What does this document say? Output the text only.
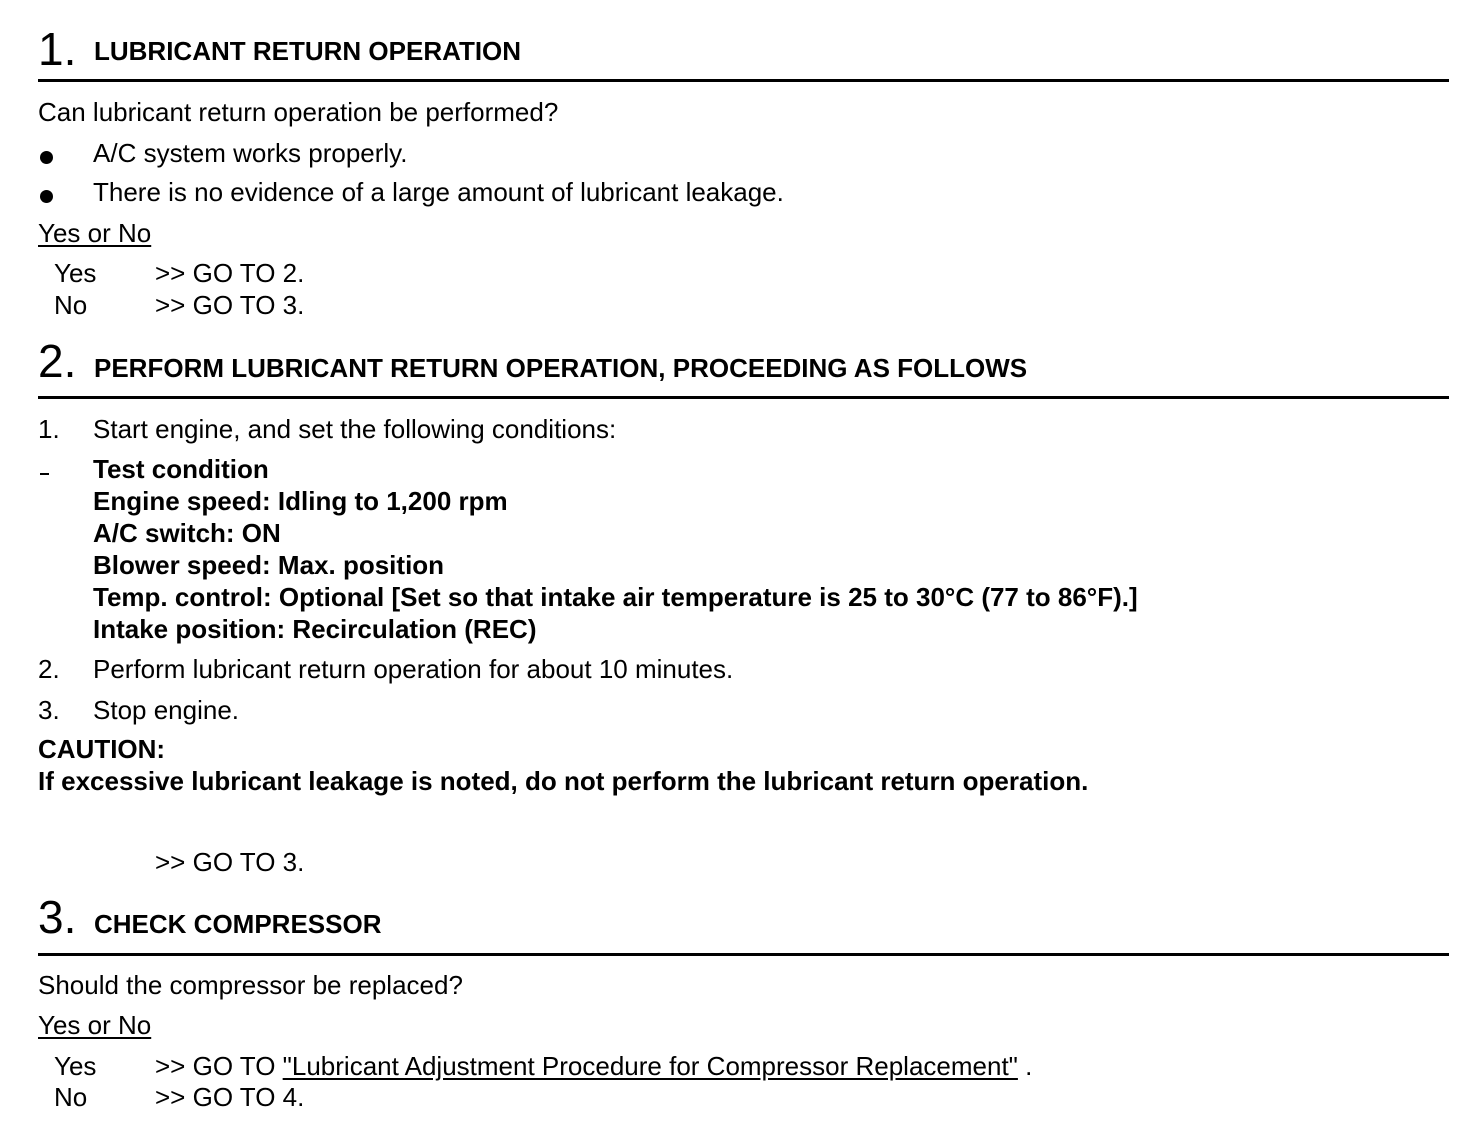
1. LUBRICANT RETURN OPERATION
Can lubricant return operation be performed?
A/C system works properly.
There is no evidence of a large amount of lubricant leakage.
Yes or No
Yes >> GO TO 2.
No	>> GO TO 3.
2. PERFORM LUBRICANT RETURN OPERATION, PROCEEDING AS FOLLOWS
1. Start engine, and set the following conditions:
Test condition
Engine speed: Idling to 1,200 rpm
A/C switch: ON
Blower speed: Max. position
Temp. control: Optional [Set so that intake air temperature is 25 to 30°C (77 to 86°F).]
Intake position: Recirculation (REC)
2. Perform lubricant return operation for about 10 minutes.
3. Stop engine.
CAUTION:
If excessive lubricant leakage is noted, do not perform the lubricant return operation.
>> GO TO 3.
3. CHECK COMPRESSOR
Should the compressor be replaced?
Yes or No
Yes >> GO TO "Lubricant Adjustment Procedure for Compressor Replacement" .
No	>> GO TO 4.
